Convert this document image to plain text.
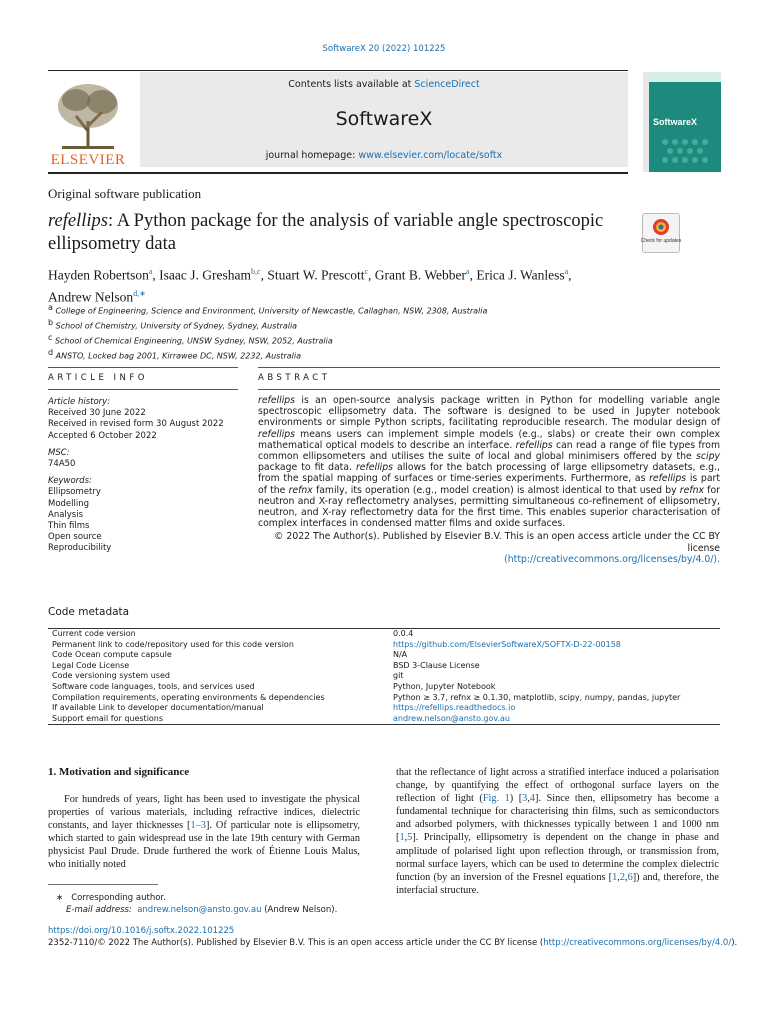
SoftwareX 20 (2022) 101225
ELSEVIER
Contents lists available at ScienceDirect
SoftwareX
journal homepage: www.elsevier.com/locate/softx
SoftwareX
Original software publication
refellips: A Python package for the analysis of variable angle spectroscopic ellipsometry data	Check for updates
Hayden Robertson$^a$, Isaac J. Gresham$^{b,c}$, Stuart W. Prescott$^c$, Grant B. Webber$^a$, Erica J. Wanless$^a$, Andrew Nelson$^{d,∗}$
$^a$ College of Engineering, Science and Environment, University of Newcastle, Callaghan, NSW, 2308, Australia
$^b$ School of Chemistry, University of Sydney, Sydney, Australia
$^c$ School of Chemical Engineering, UNSW Sydney, NSW, 2052, Australia
$^d$ ANSTO, Locked bag 2001, Kirrawee DC, NSW, 2232, Australia
ARTICLE INFO	ABSTRACT
Article history:
Received 30 June 2022
Received in revised form 30 August 2022
Accepted 6 October 2022
MSC:
74A50
Keywords:
Ellipsometry
Modelling
Analysis
Thin films
Open source
Reproducibility
refellips is an open-source analysis package written in Python for modelling variable angle spectroscopic ellipsometry data. The software is designed to be used in Jupyter notebook environments or simple Python scripts, facilitating reproducible research. The modular design of refellips means users can implement simple models (e.g., slabs) or create their own complex mathematical optical models to describe an interface. refellips can read a range of file types from common ellipsometers and utilises the suite of local and global minimisers offered by the scipy package to fit data. refellips allows for the batch processing of large ellipsometry datasets, e.g., from the spatial mapping of surfaces or time-series experiments. Furthermore, as refellips is part of the refnx family, its operation (e.g., model creation) is almost identical to that used by refnx for neutron and X-ray reflectometry analyses, permitting simultaneous co-refinement of ellipsometry, neutron, and X-ray reflectometry data for the first time. This enables superior characterisation of complex interfaces in condensed matter films and oxide surfaces.
© 2022 The Author(s). Published by Elsevier B.V. This is an open access article under the CC BY license
(http://creativecommons.org/licenses/by/4.0/).
Code metadata
Current code version	0.0.4
Permanent link to code/repository used for this code version	https://github.com/ElsevierSoftwareX/SOFTX-D-22-00158
Code Ocean compute capsule	N/A
Legal Code License	BSD 3-Clause License
Code versioning system used	git
Software code languages, tools, and services used	Python, Jupyter Notebook
Compilation requirements, operating environments & dependencies	Python ≥ 3.7, refnx ≥ 0.1.30, matplotlib, scipy, numpy, pandas, jupyter
If available Link to developer documentation/manual	https://refellips.readthedocs.io
Support email for questions	andrew.nelson@ansto.gov.au
1. Motivation and significance
For hundreds of years, light has been used to investigate the physical properties of various materials, including refractive indices, dielectric constants, and layer thicknesses [1–3]. Of particular note is ellipsometry, which started to gain widespread use in the late 19th century with German physicist Paul Drude. Drude furthered the work of Étienne Louis Malus, who initially noted
that the reflectance of light across a stratified interface induced a polarisation change, by quantifying the effect of orthogonal surface layers on the reflection of light (Fig. 1) [3,4]. Since then, ellipsometry has become a fundamental technique for characterising thin films, such as semiconductors and adsorbed polymers, with thicknesses typically between 1 and 1000 nm [1,5]. Principally, ellipsometry is dependent on the change in phase and amplitude of polarised light upon reflection through, or transmission from, normal surface layers, which can be used to determine the complex dielectric function (by an inversion of the Fresnel equations [1,2,6]) and, therefore, the interfacial structure.
∗ Corresponding author.
E-mail address: andrew.nelson@ansto.gov.au (Andrew Nelson).
https://doi.org/10.1016/j.softx.2022.101225
2352-7110/© 2022 The Author(s). Published by Elsevier B.V. This is an open access article under the CC BY license (http://creativecommons.org/licenses/by/4.0/).
